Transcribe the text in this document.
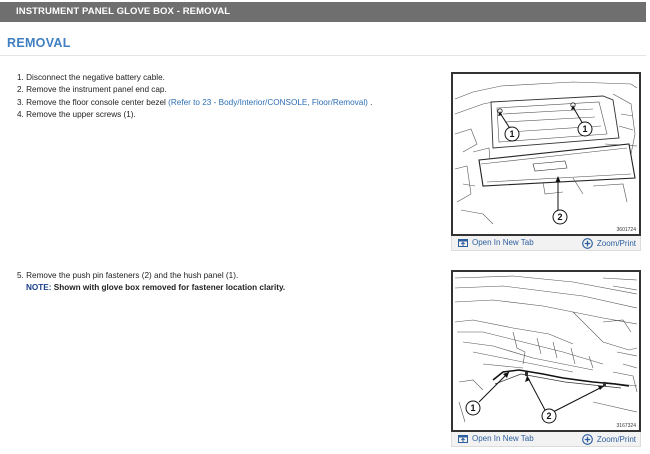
INSTRUMENT PANEL GLOVE BOX - REMOVAL
REMOVAL
1. Disconnect the negative battery cable.
2. Remove the instrument panel end cap.
3. Remove the floor console center bezel (Refer to 23 - Body/Interior/CONSOLE, Floor/Removal) .
4. Remove the upper screws (1).
1	1
2
3601724
Open In New Tab	Zoom/Print
5. Remove the push pin fasteners (2) and the hush panel (1).
NOTE: Shown with glove box removed for fastener location clarity.
1
2
3167324
Open In New Tab	Zoom/Print
